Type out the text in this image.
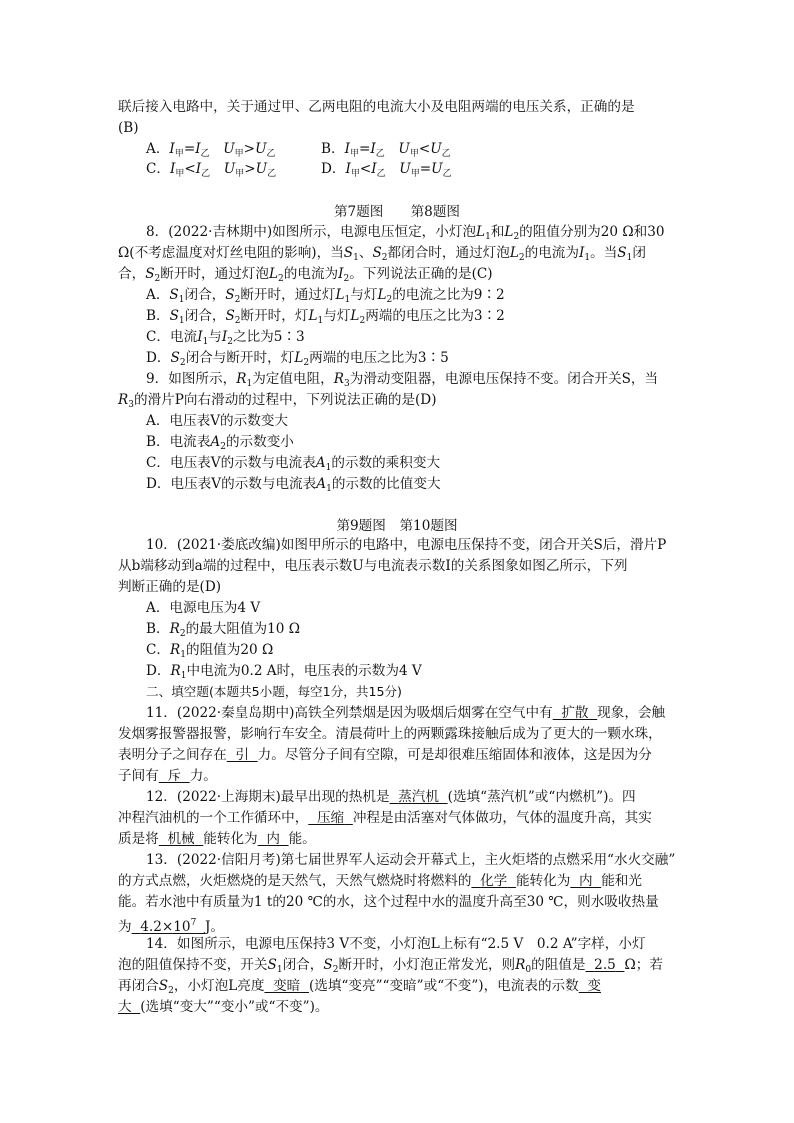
联后接入电路中，关于通过甲、乙两电阻的电流大小及电阻两端的电压关系，正确的是
(B)
A．$I_甲=I_乙$　 $U_甲>U_乙$	B．$I_甲=I_乙$　 $U_甲<U_乙$
C．$I_甲<I_乙$　 $U_甲>U_乙$	D．$I_甲<I_乙$　 $U_甲=U_乙$
第7题图　　第8题图
8．(2022·吉林期中)如图所示，电源电压恒定，小灯泡$L_1$和$L_2$的阻值分别为20 Ω和30
Ω(不考虑温度对灯丝电阻的影响)，当$S_1$、$S_2$都闭合时，通过灯泡$L_2$的电流为$I_1$。当$S_1$闭
合，$S_2$断开时，通过灯泡$L_2$的电流为$I_2$。下列说法正确的是(C)
A．$S_1$闭合，$S_2$断开时，通过灯$L_1$与灯$L_2$的电流之比为9∶2
B．$S_1$闭合，$S_2$断开时，灯$L_1$与灯$L_2$两端的电压之比为3∶2
C．电流$I_1$与$I_2$之比为5∶3
D．$S_2$闭合与断开时，灯$L_2$两端的电压之比为3∶5
9．如图所示，$R_1$为定值电阻，$R_3$为滑动变阻器，电源电压保持不变。闭合开关S，当
$R_3$的滑片P向右滑动的过程中，下列说法正确的是(D)
A．电压表V的示数变大
B．电流表$A_2$的示数变小
C．电压表V的示数与电流表$A_1$的示数的乘积变大
D．电压表V的示数与电流表$A_1$的示数的比值变大
第9题图　第10题图
10．(2021·娄底改编)如图甲所示的电路中，电源电压保持不变，闭合开关S后，滑片P
从b端移动到a端的过程中，电压表示数U与电流表示数I的关系图象如图乙所示，下列
判断正确的是(D)
A．电源电压为4 V
B．$R_2$的最大阻值为10 Ω
C．$R_1$的阻值为20 Ω
D．$R_1$中电流为0.2 A时，电压表的示数为4 V
二、填空题(本题共5小题，每空1分，共15分)
11．(2022·秦皇岛期中)高铁全列禁烟是因为吸烟后烟雾在空气中有 扩散 现象，会触
发烟雾报警器报警，影响行车安全。清晨荷叶上的两颗露珠接触后成为了更大的一颗水珠，
表明分子之间存在 引 力。尽管分子间有空隙，可是却很难压缩固体和液体，这是因为分
子间有 斥 力。
12．(2022·上海期末)最早出现的热机是 蒸汽机 (选填“蒸汽机”或“内燃机”)。四
冲程汽油机的一个工作循环中， 压缩 冲程是由活塞对气体做功，气体的温度升高，其实
质是将 机械 能转化为 内 能。
13．(2022·信阳月考)第七届世界军人运动会开幕式上，主火炬塔的点燃采用“水火交融”
的方式点燃，火炬燃烧的是天然气，天然气燃烧时将燃料的 化学 能转化为 内 能和光
能。若水池中有质量为1 t的20 ℃的水，这个过程中水的温度升高至30 ℃，则水吸收热量
为 $4.2\times 10^7$ J。
14．如图所示，电源电压保持3 V不变，小灯泡L上标有“2.5 V　0.2 A”字样，小灯
泡的阻值保持不变，开关$S_1$闭合，$S_2$断开时，小灯泡正常发光，则$R_0$的阻值是 2.5 Ω；若
再闭合$S_2$，小灯泡L亮度 变暗 (选填“变亮”“变暗”或“不变”)，电流表的示数 变
大 (选填“变大”“变小”或“不变”)。
